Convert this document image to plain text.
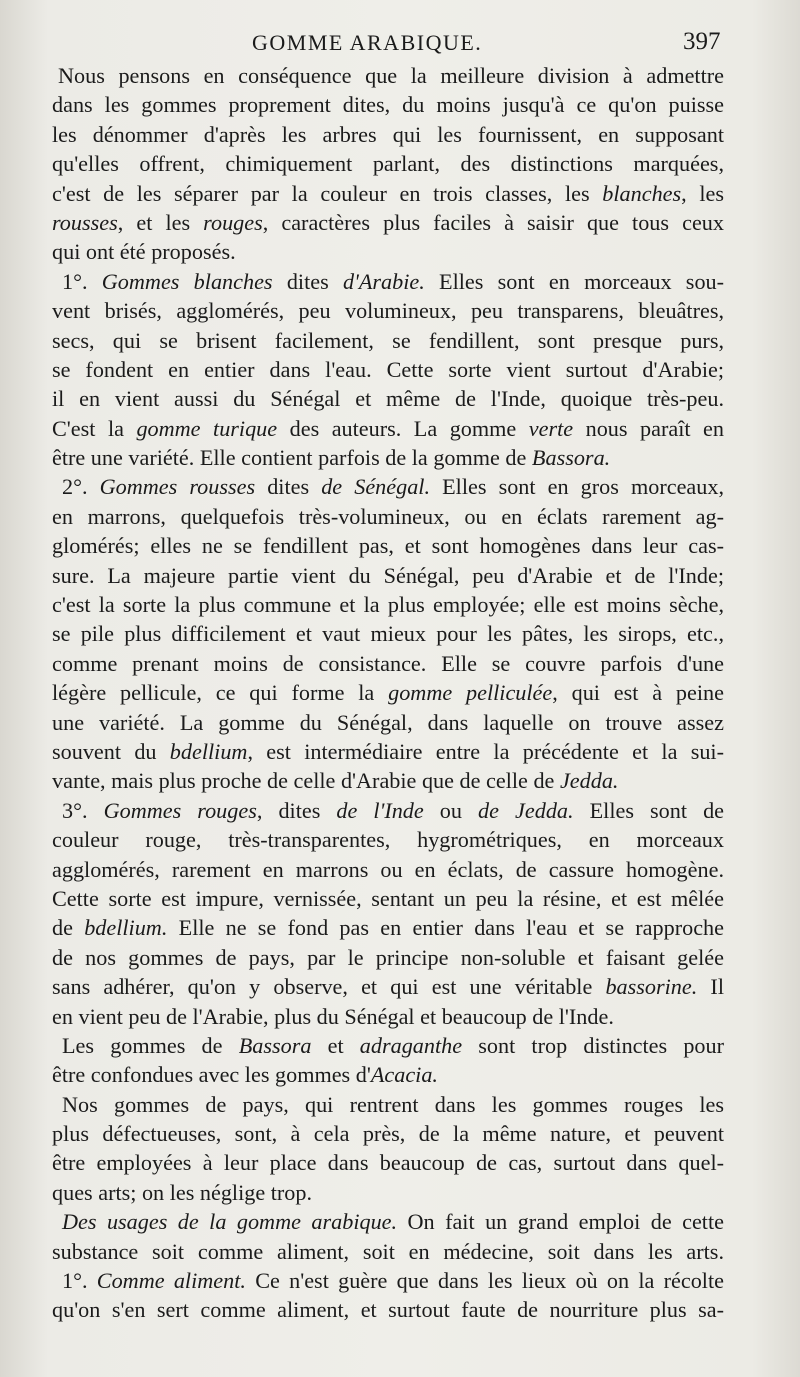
GOMME ARABIQUE.	397
Nous pensons en conséquence que la meilleure division à admettre
dans les gommes proprement dites, du moins jusqu'à ce qu'on puisse
les dénommer d'après les arbres qui les fournissent, en supposant
qu'elles offrent, chimiquement parlant, des distinctions marquées,
c'est de les séparer par la couleur en trois classes, les blanches, les
rousses, et les rouges, caractères plus faciles à saisir que tous ceux
qui ont été proposés.
1°. Gommes blanches dites d'Arabie. Elles sont en morceaux sou-
vent brisés, agglomérés, peu volumineux, peu transparens, bleuâtres,
secs, qui se brisent facilement, se fendillent, sont presque purs,
se fondent en entier dans l'eau. Cette sorte vient surtout d'Arabie;
il en vient aussi du Sénégal et même de l'Inde, quoique très-peu.
C'est la gomme turique des auteurs. La gomme verte nous paraît en
être une variété. Elle contient parfois de la gomme de Bassora.
2°. Gommes rousses dites de Sénégal. Elles sont en gros morceaux,
en marrons, quelquefois très-volumineux, ou en éclats rarement ag-
glomérés; elles ne se fendillent pas, et sont homogènes dans leur cas-
sure. La majeure partie vient du Sénégal, peu d'Arabie et de l'Inde;
c'est la sorte la plus commune et la plus employée; elle est moins sèche,
se pile plus difficilement et vaut mieux pour les pâtes, les sirops, etc.,
comme prenant moins de consistance. Elle se couvre parfois d'une
légère pellicule, ce qui forme la gomme pelliculée, qui est à peine
une variété. La gomme du Sénégal, dans laquelle on trouve assez
souvent du bdellium, est intermédiaire entre la précédente et la sui-
vante, mais plus proche de celle d'Arabie que de celle de Jedda.
3°. Gommes rouges, dites de l'Inde ou de Jedda. Elles sont de
couleur rouge, très-transparentes, hygrométriques, en morceaux
agglomérés, rarement en marrons ou en éclats, de cassure homogène.
Cette sorte est impure, vernissée, sentant un peu la résine, et est mêlée
de bdellium. Elle ne se fond pas en entier dans l'eau et se rapproche
de nos gommes de pays, par le principe non-soluble et faisant gelée
sans adhérer, qu'on y observe, et qui est une véritable bassorine. Il
en vient peu de l'Arabie, plus du Sénégal et beaucoup de l'Inde.
Les gommes de Bassora et adraganthe sont trop distinctes pour
être confondues avec les gommes d'Acacia.
Nos gommes de pays, qui rentrent dans les gommes rouges les
plus défectueuses, sont, à cela près, de la même nature, et peuvent
être employées à leur place dans beaucoup de cas, surtout dans quel-
ques arts; on les néglige trop.
Des usages de la gomme arabique. On fait un grand emploi de cette
substance soit comme aliment, soit en médecine, soit dans les arts.
1°. Comme aliment. Ce n'est guère que dans les lieux où on la récolte
qu'on s'en sert comme aliment, et surtout faute de nourriture plus sa-
